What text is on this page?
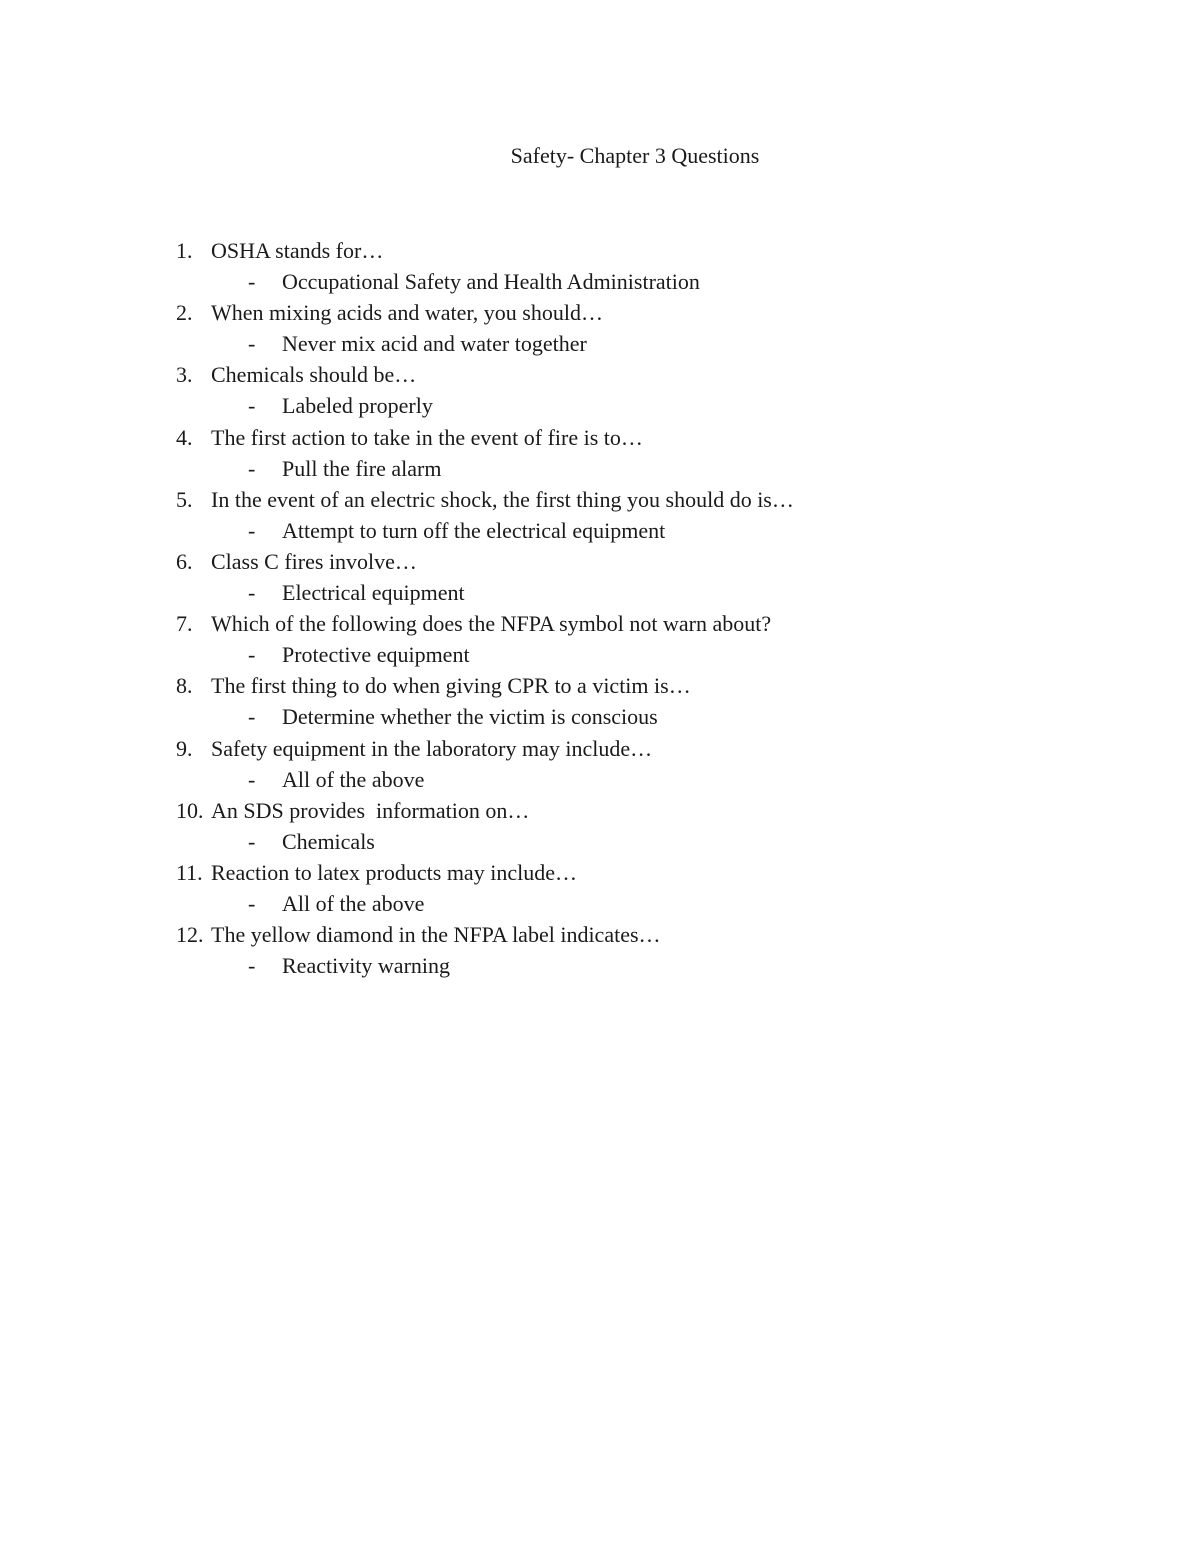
Safety- Chapter 3 Questions
1. OSHA stands for…
- Occupational Safety and Health Administration
2. When mixing acids and water, you should…
- Never mix acid and water together
3. Chemicals should be…
- Labeled properly
4. The first action to take in the event of fire is to…
- Pull the fire alarm
5. In the event of an electric shock, the first thing you should do is…
- Attempt to turn off the electrical equipment
6. Class C fires involve…
- Electrical equipment
7. Which of the following does the NFPA symbol not warn about?
- Protective equipment
8. The first thing to do when giving CPR to a victim is…
- Determine whether the victim is conscious
9. Safety equipment in the laboratory may include…
- All of the above
10. An SDS provides  information on…
- Chemicals
11. Reaction to latex products may include…
- All of the above
12. The yellow diamond in the NFPA label indicates…
- Reactivity warning
